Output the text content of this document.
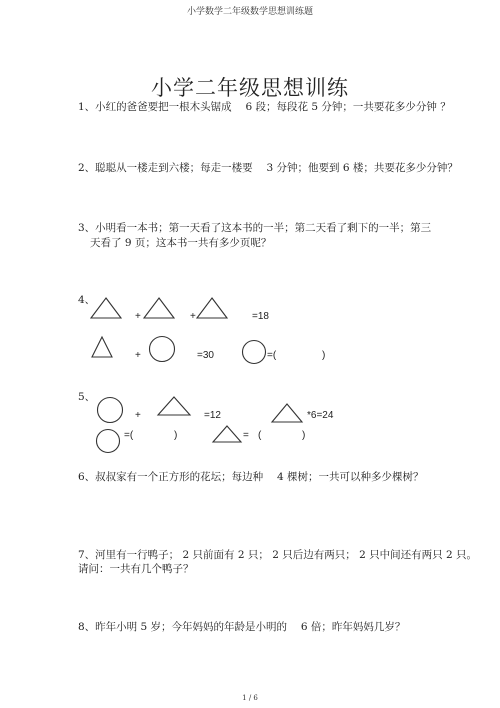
小学数学二年级数学思想训练题
小学二年级思想训练
1、小红的爸爸要把一根木头锯成　 6 段；每段花 5 分钟；一共要花多少分钟 ？
2、聪聪从一楼走到六楼；每走一楼要　 3 分钟；他要到 6 楼；共要花多少分钟？
3、小明看一本书；第一天看了这本书的一半；第二天看了剩下的一半；第三
天看了 9 页；这本书一共有多少页呢？
4、
+	+	=18
+	=30	=(	)
5、
+	=12	*6=24
=(	)	= (	)
6、叔叔家有一个正方形的花坛；每边种　 4 棵树；一共可以种多少棵树？
7、河里有一行鸭子； 2 只前面有 2 只； 2 只后边有两只； 2 只中间还有两只 2 只。
请问：一共有几个鸭子？
8、昨年小明 5 岁；今年妈妈的年龄是小明的　 6 倍；昨年妈妈几岁？
1 / 6
